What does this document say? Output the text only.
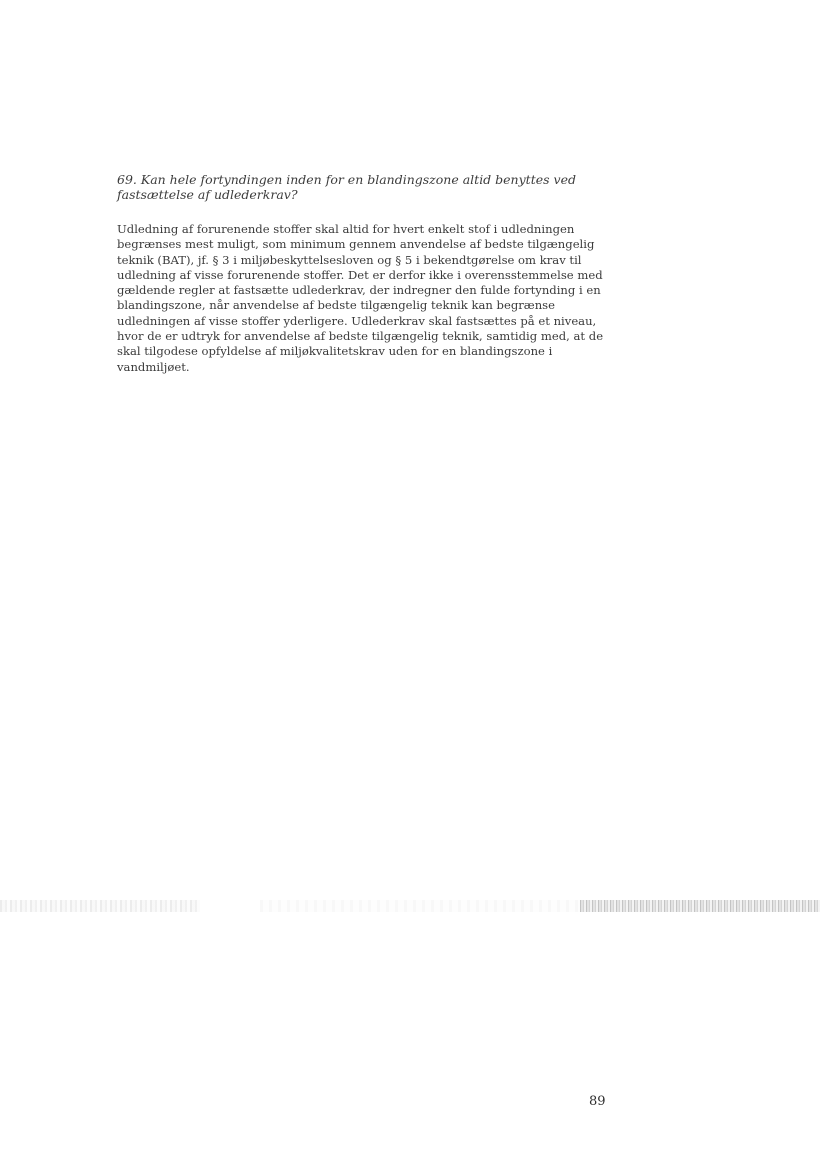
69. Kan hele fortyndingen inden for en blandingszone altid benyttes ved fastsættelse af udlederkrav?
Udledning af forurenende stoffer skal altid for hvert enkelt stof i udledningen
begrænses mest muligt, som minimum gennem anvendelse af bedste tilgængelig
teknik (BAT), jf. § 3 i miljøbeskyttelsesloven og § 5 i bekendtgørelse om krav til
udledning af visse forurenende stoffer. Det er derfor ikke i overensstemmelse med
gældende regler at fastsætte udlederkrav, der indregner den fulde fortynding i en
blandingszone, når anvendelse af bedste tilgængelig teknik kan begrænse
udledningen af visse stoffer yderligere. Udlederkrav skal fastsættes på et niveau,
hvor de er udtryk for anvendelse af bedste tilgængelig teknik, samtidig med, at de
skal tilgodese opfyldelse af miljøkvalitetskrav uden for en blandingszone i
vandmiljøet.
89
